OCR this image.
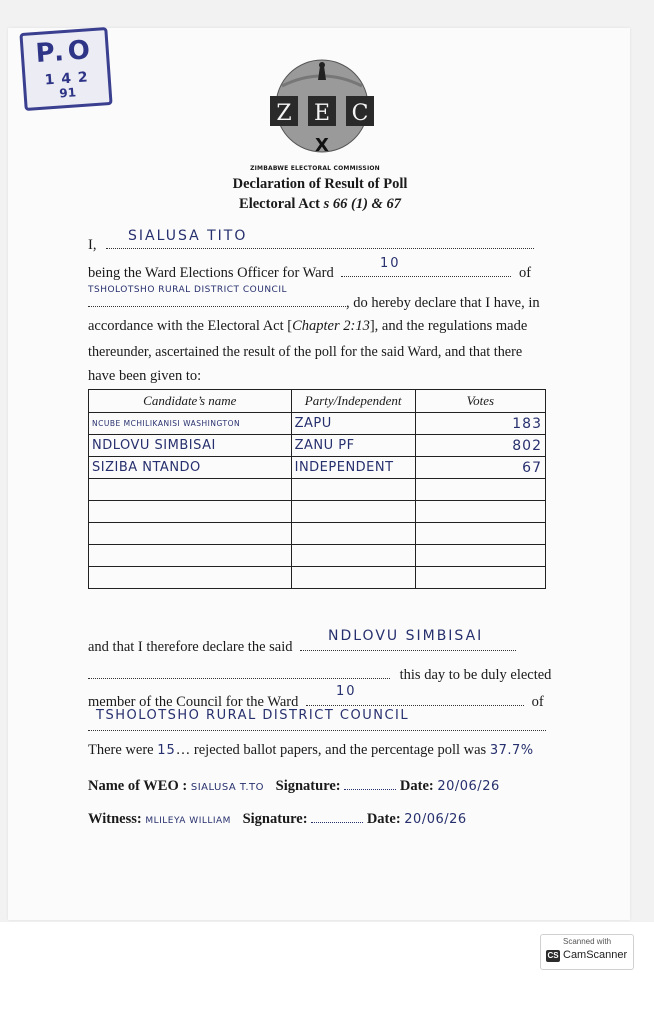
P.O
1 4 2
91
Z E C
X
ZIMBABWE ELECTORAL COMMISSION
Declaration of Result of Poll
Electoral Act s 66 (1) & 67
I,
SIALUSA TITO
being the Ward Elections Officer for Ward	of
10
, do hereby declare that I have, in
TSHOLOTSHO RURAL DISTRICT COUNCIL
accordance with the Electoral Act [Chapter 2:13], and the regulations made
thereunder, ascertained the result of the poll for the said Ward, and that there
have been given to:
Candidate’s name	Party/Independent	Votes
NCUBE MCHILIKANISI WASHINGTON	ZAPU	183
NDLOVU SIMBISAI	ZANU PF	802
SIZIBA NTANDO	INDEPENDENT	67

and that I therefore declare the said
NDLOVU SIMBISAI
this day to be duly elected
member of the Council for the Ward	of
10
TSHOLOTSHO RURAL DISTRICT COUNCIL
There were 15… rejected ballot papers, and the percentage poll was 37.7%
Name of WEO : SIALUSA T.TO Signature:	Date: 20/06/26
Witness: MLILEYA WILLIAM Signature:	Date: 20/06/26
Scanned with
CS CamScanner
